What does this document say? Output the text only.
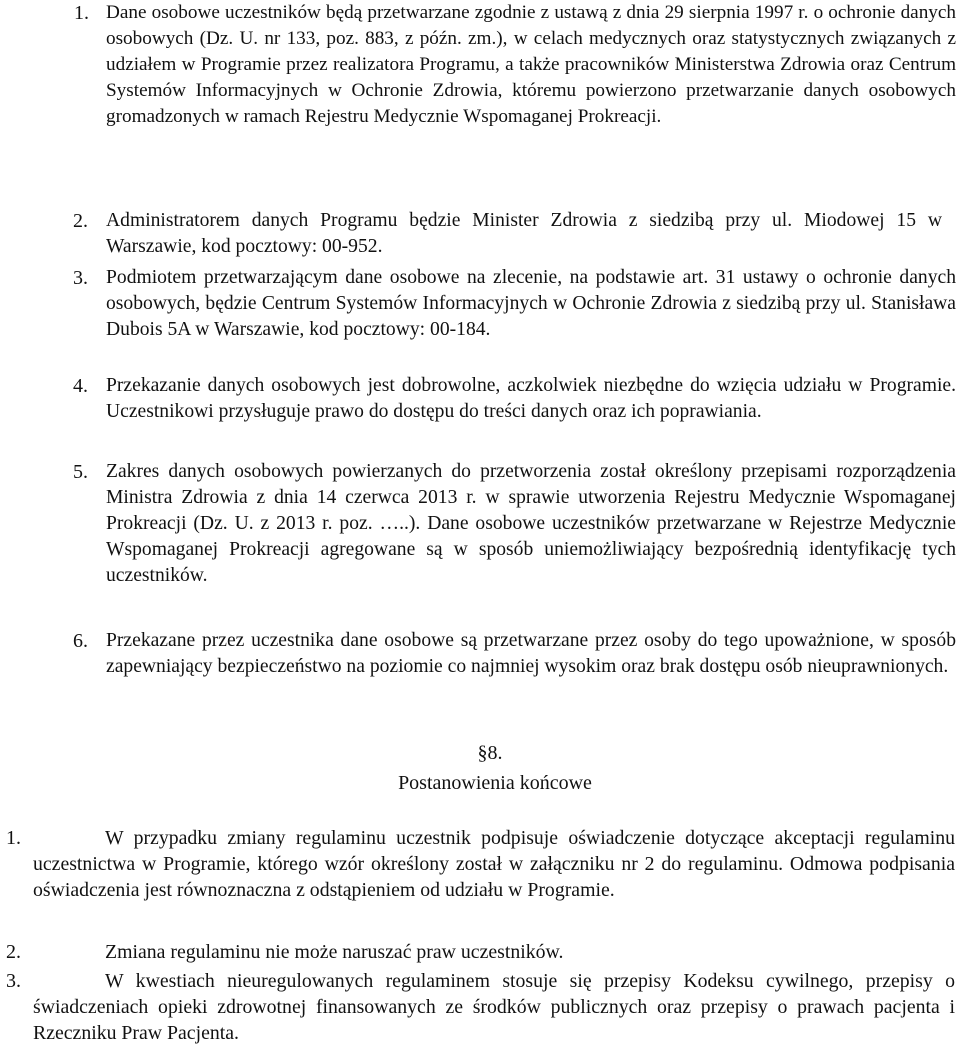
1. Dane osobowe uczestników będą przetwarzane zgodnie z ustawą z dnia 29 sierpnia 1997 r. o ochronie danych osobowych (Dz. U. nr 133, poz. 883, z późn. zm.), w celach medycznych oraz statystycznych związanych z udziałem w Programie przez realizatora Programu, a także pracowników Ministerstwa Zdrowia oraz Centrum Systemów Informacyjnych w Ochronie Zdrowia, któremu powierzono przetwarzanie danych osobowych gromadzonych w ramach Rejestru Medycznie Wspomaganej Prokreacji.

2. Administratorem danych Programu będzie Minister Zdrowia z siedzibą przy ul. Miodowej 15 w Warszawie, kod pocztowy: 00-952.

3. Podmiotem przetwarzającym dane osobowe na zlecenie, na podstawie art. 31 ustawy o ochronie danych osobowych, będzie Centrum Systemów Informacyjnych w Ochronie Zdrowia z siedzibą przy ul. Stanisława Dubois 5A w Warszawie, kod pocztowy: 00-184.

4. Przekazanie danych osobowych jest dobrowolne, aczkolwiek niezbędne do wzięcia udziału w Programie. Uczestnikowi przysługuje prawo do dostępu do treści danych oraz ich poprawiania.

5. Zakres danych osobowych powierzanych do przetworzenia został określony przepisami rozporządzenia Ministra Zdrowia z dnia 14 czerwca 2013 r. w sprawie utworzenia Rejestru Medycznie Wspomaganej Prokreacji (Dz. U. z 2013 r. poz. …..). Dane osobowe uczestników przetwarzane w Rejestrze Medycznie Wspomaganej Prokreacji agregowane są w sposób uniemożliwiający bezpośrednią identyfikację tych uczestników.

6. Przekazane przez uczestnika dane osobowe są przetwarzane przez osoby do tego upoważnione, w sposób zapewniający bezpieczeństwo na poziomie co najmniej wysokim oraz brak dostępu osób nieuprawnionych.

§8.

Postanowienia końcowe

1.	W przypadku zmiany regulaminu uczestnik podpisuje oświadczenie dotyczące akceptacji regulaminu uczestnictwa w Programie, którego wzór określony został w załączniku nr 2 do regulaminu. Odmowa podpisania oświadczenia jest równoznaczna z odstąpieniem od udziału w Programie.

2.	Zmiana regulaminu nie może naruszać praw uczestników.

3.	W kwestiach nieuregulowanych regulaminem stosuje się przepisy Kodeksu cywilnego, przepisy o świadczeniach opieki zdrowotnej finansowanych ze środków publicznych oraz przepisy o prawach pacjenta i Rzeczniku Praw Pacjenta.
